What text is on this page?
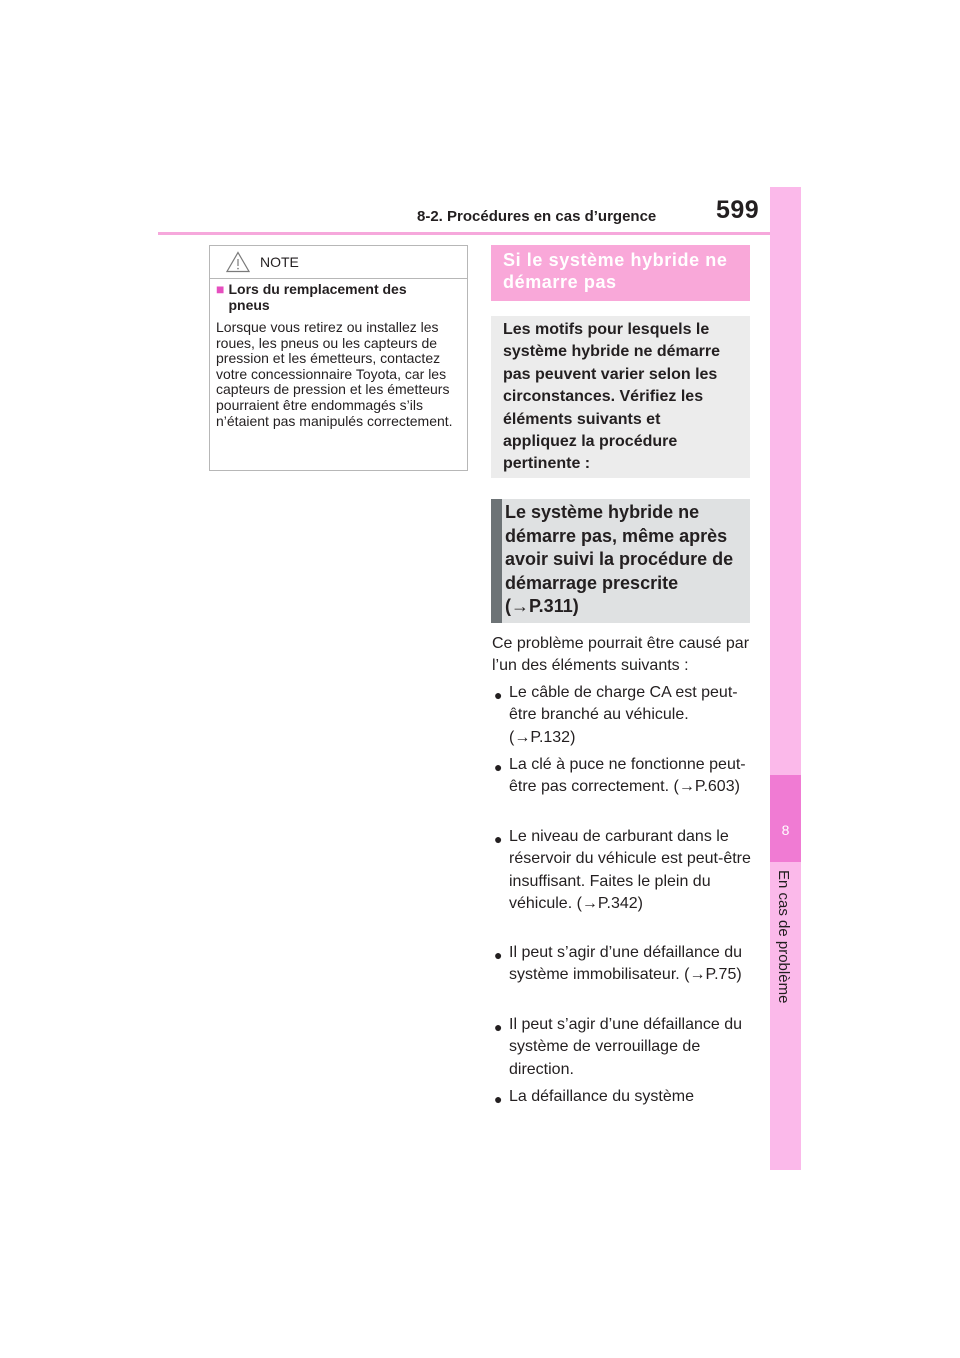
8-2. Procédures en cas d’urgence 599
8
En cas de problème
NOTE
■ Lors du remplacement des pneus
Lorsque vous retirez ou installez les roues, les pneus ou les capteurs de pression et les émetteurs, contactez votre concessionnaire Toyota, car les capteurs de pression et les émetteurs pourraient être endommagés s’ils n’étaient pas manipulés correctement.
Si le système hybride ne démarre pas
Les motifs pour lesquels le système hybride ne démarre pas peuvent varier selon les circonstances. Vérifiez les éléments suivants et appliquez la procédure pertinente :
Le système hybride ne démarre pas, même après avoir suivi la procédure de démarrage prescrite (→P.311)
Ce problème pourrait être causé par l’un des éléments suivants :
● Le câble de charge CA est peut-être branché au véhicule. (→P.132)
● La clé à puce ne fonctionne peut-être pas correctement. (→P.603)
● Le niveau de carburant dans le réservoir du véhicule est peut-être insuffisant. Faites le plein du véhicule. (→P.342)
● Il peut s’agir d’une défaillance du système immobilisateur. (→P.75)
● Il peut s’agir d’une défaillance du système de verrouillage de direction.
● La défaillance du système
